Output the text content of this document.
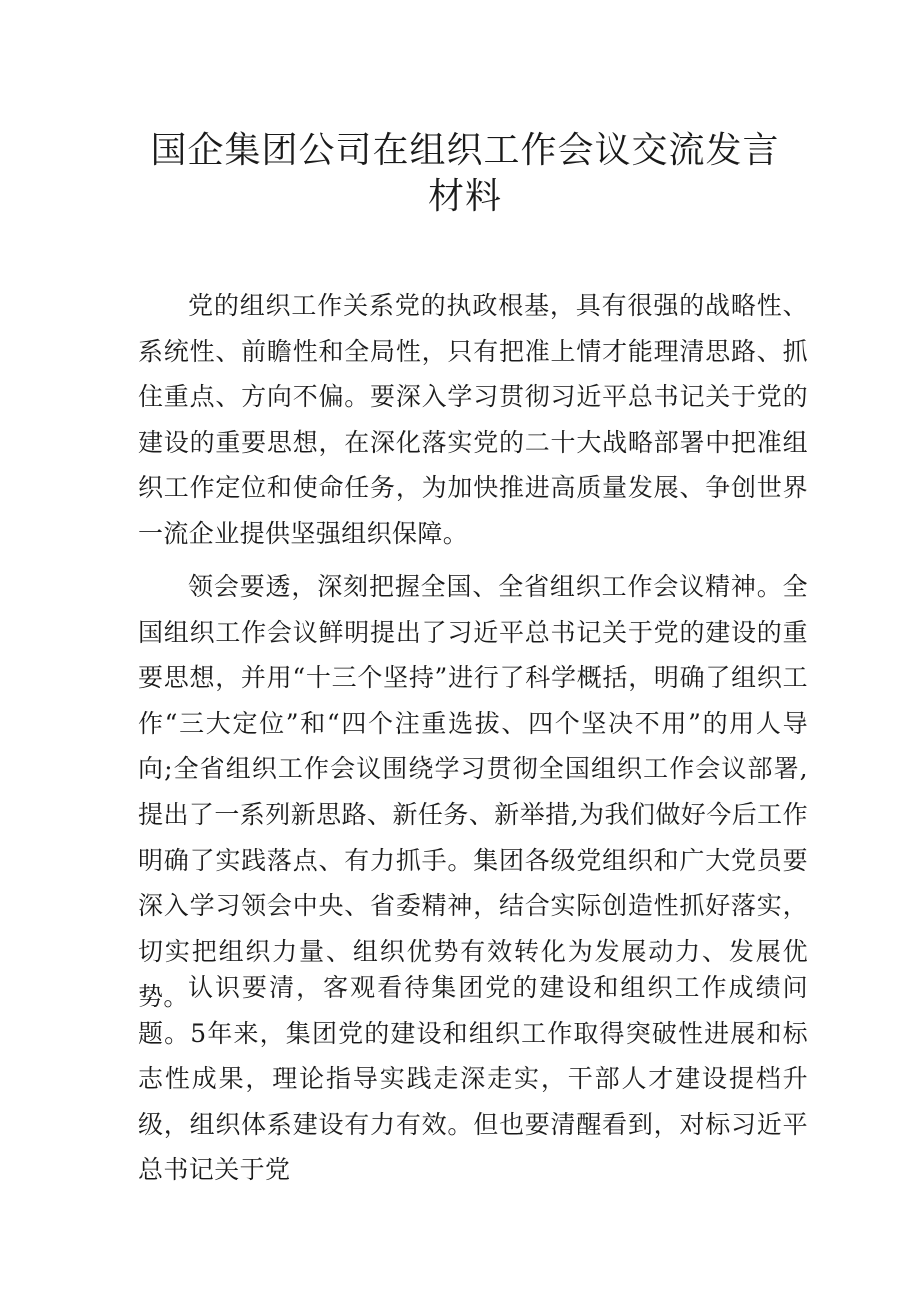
国企集团公司在组织工作会议交流发言材料

党的组织工作关系党的执政根基，具有很强的战略性、系统性、前瞻性和全局性，只有把准上情才能理清思路、抓住重点、方向不偏。要深入学习贯彻习近平总书记关于党的建设的重要思想，在深化落实党的二十大战略部署中把准组织工作定位和使命任务，为加快推进高质量发展、争创世界一流企业提供坚强组织保障。

领会要透，深刻把握全国、全省组织工作会议精神。全国组织工作会议鲜明提出了习近平总书记关于党的建设的重要思想，并用“十三个坚持”进行了科学概括，明确了组织工作“三大定位”和“四个注重选拔、四个坚决不用”的用人导向;全省组织工作会议围绕学习贯彻全国组织工作会议部署,提出了一系列新思路、新任务、新举措,为我们做好今后工作明确了实践落点、有力抓手。集团各级党组织和广大党员要深入学习领会中央、省委精神，结合实际创造性抓好落实，切实把组织力量、组织优势有效转化为发展动力、发展优势。 认识要清，客观看待集团党的建设和组织工作成绩问题。5年来，集团党的建设和组织工作取得突破性进展和标志性成果，理论指导实践走深走实，干部人才建设提档升级，组织体系建设有力有效。但也要清醒看到，对标习近平总书记关于党
